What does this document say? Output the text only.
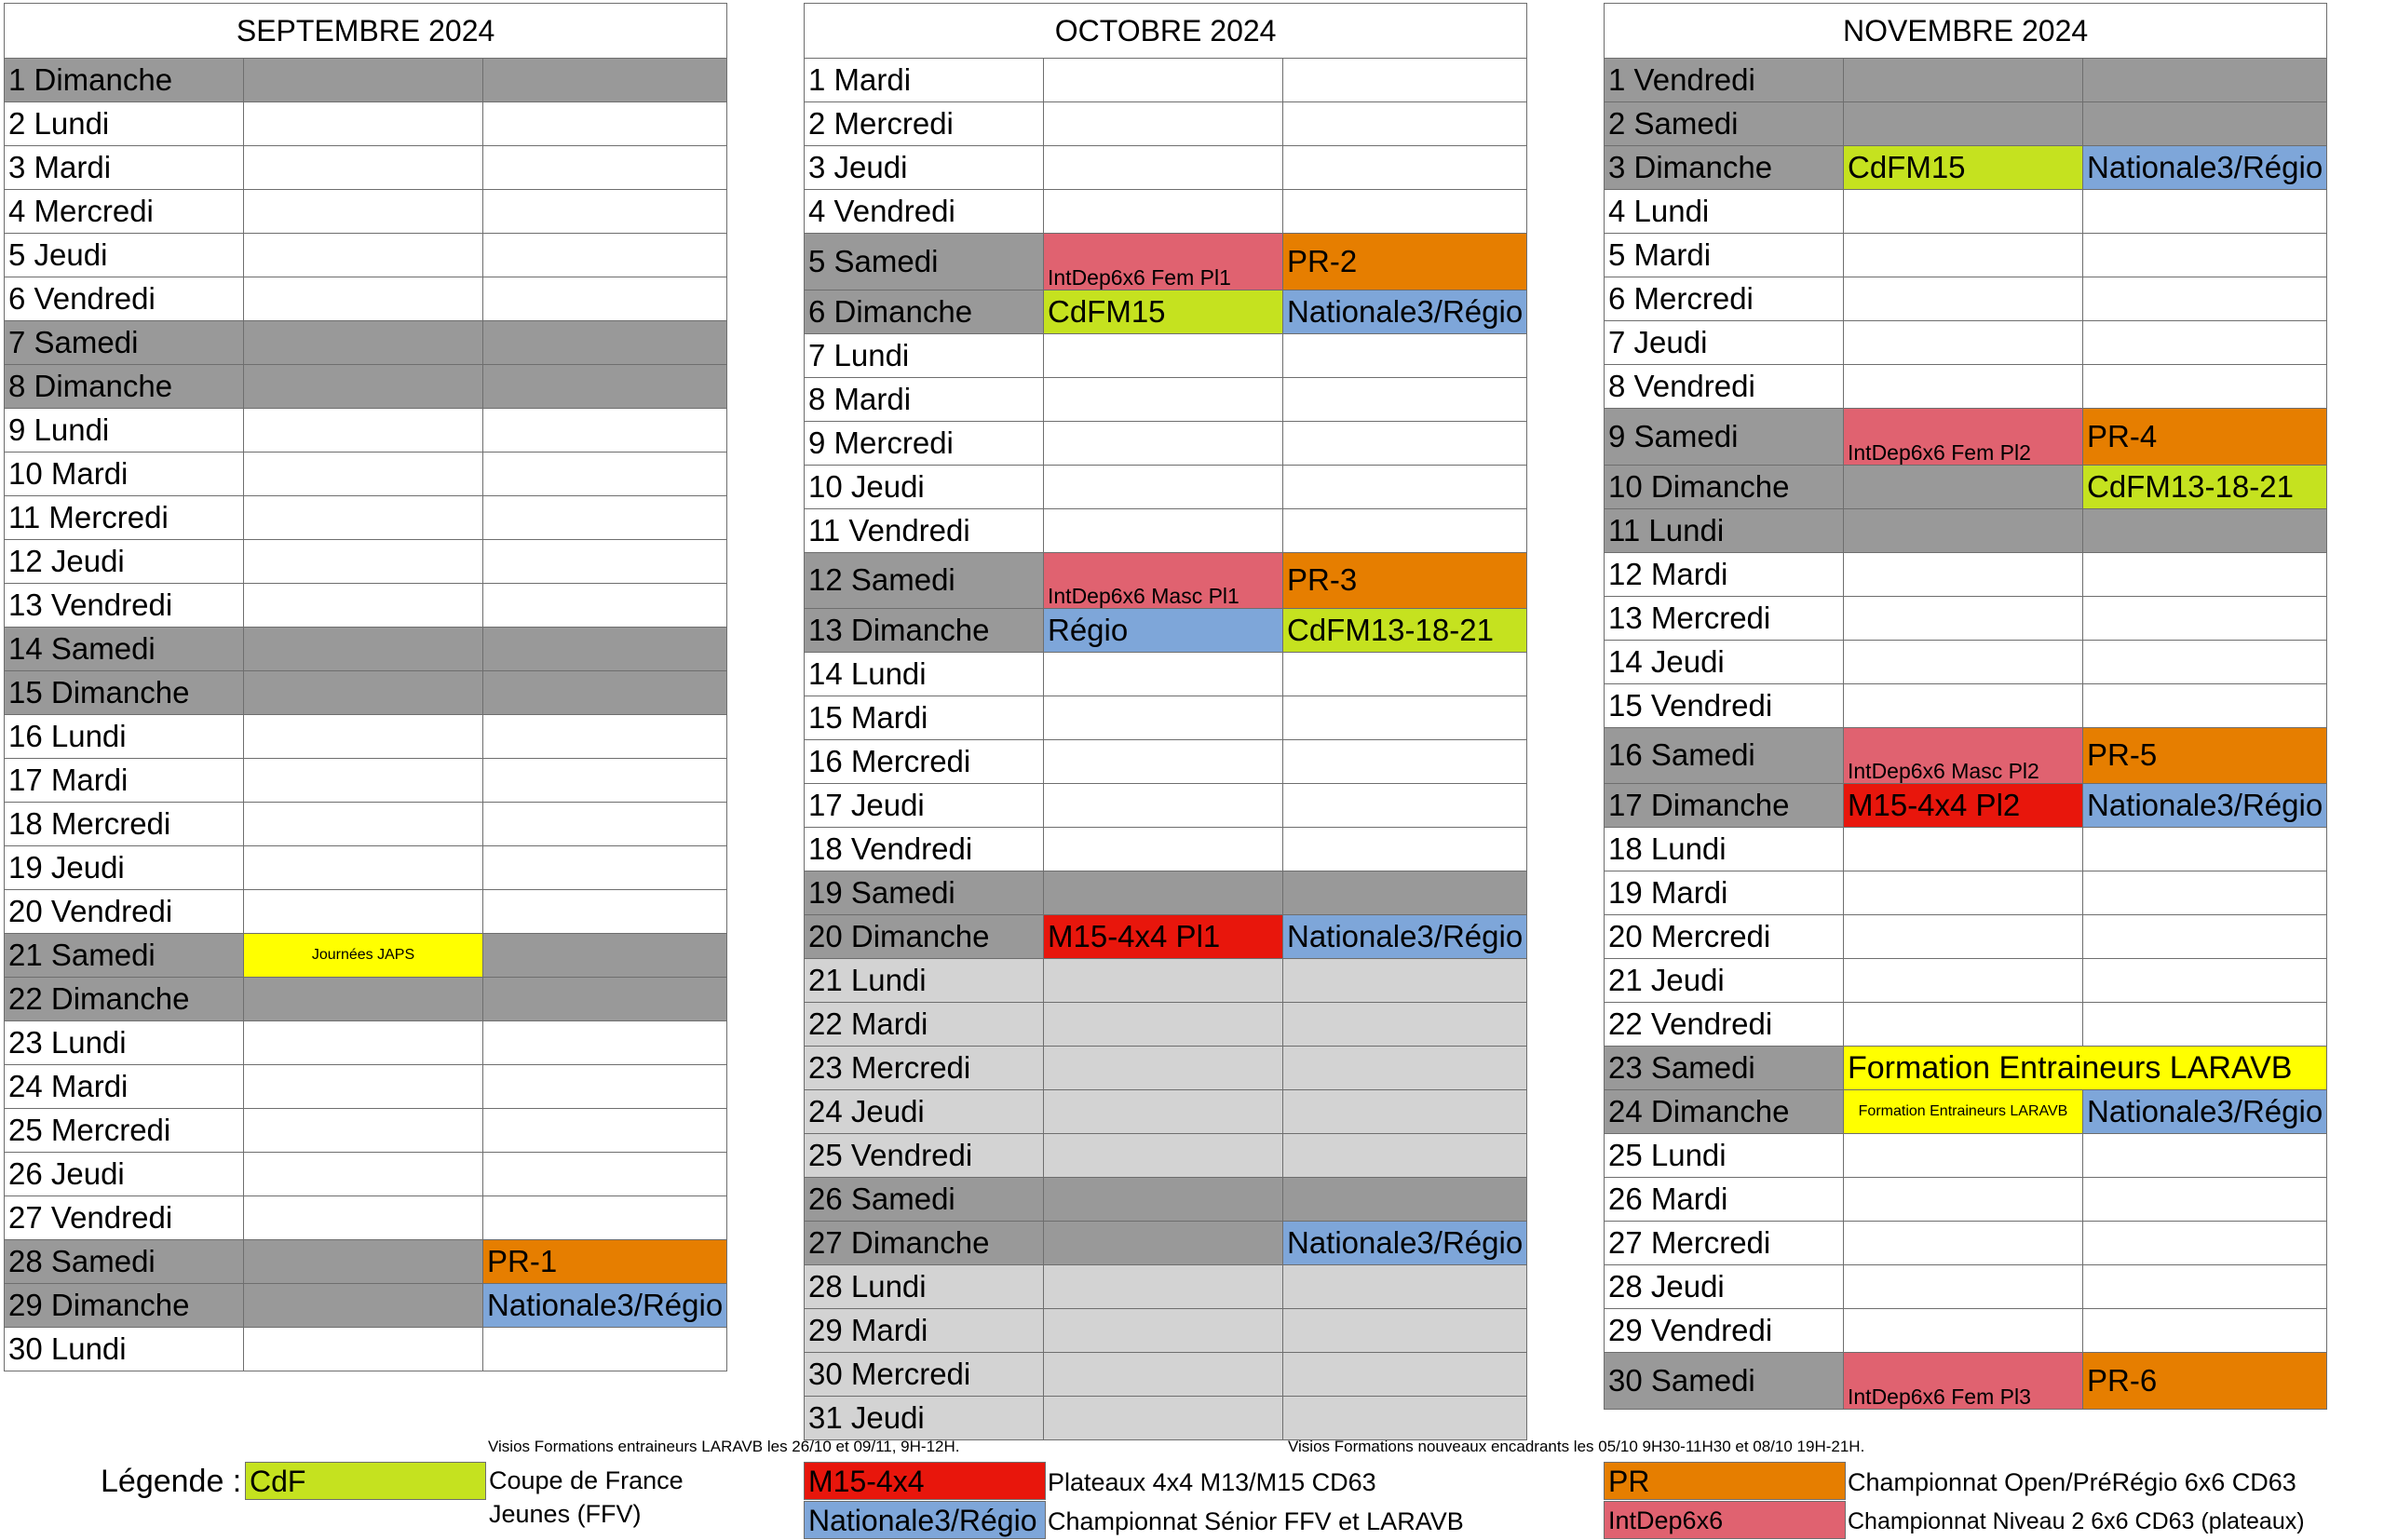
SEPTEMBRE 2024		
1 Dimanche		
2 Lundi		
3 Mardi		
4 Mercredi		
5 Jeudi		
6 Vendredi		
7 Samedi		
8 Dimanche		
9 Lundi		
10 Mardi		
11 Mercredi		
12 Jeudi		
13 Vendredi		
14 Samedi		
15 Dimanche		
16 Lundi		
17 Mardi		
18 Mercredi		
19 Jeudi		
20 Vendredi		
21 Samedi	Journées JAPS	
22 Dimanche		
23 Lundi		
24 Mardi		
25 Mercredi		
26 Jeudi		
27 Vendredi		
28 Samedi		PR-1
29 Dimanche		Nationale3/Régio
30 Lundi		
OCTOBRE 2024		
1 Mardi		
2 Mercredi		
3 Jeudi		
4 Vendredi		
5 Samedi	IntDep6x6 Fem Pl1	PR-2
6 Dimanche	CdFM15	Nationale3/Régio
7 Lundi		
8 Mardi		
9 Mercredi		
10 Jeudi		
11 Vendredi		
12 Samedi	IntDep6x6 Masc Pl1	PR-3
13 Dimanche	Régio	CdFM13-18-21
14 Lundi		
15 Mardi		
16 Mercredi		
17 Jeudi		
18 Vendredi		
19 Samedi		
20 Dimanche	M15-4x4 Pl1	Nationale3/Régio
21 Lundi		
22 Mardi		
23 Mercredi		
24 Jeudi		
25 Vendredi		
26 Samedi		
27 Dimanche		Nationale3/Régio
28 Lundi		
29 Mardi		
30 Mercredi		
31 Jeudi		
NOVEMBRE 2024		
1 Vendredi		
2 Samedi		
3 Dimanche	CdFM15	Nationale3/Régio
4 Lundi		
5 Mardi		
6 Mercredi		
7 Jeudi		
8 Vendredi		
9 Samedi	IntDep6x6 Fem Pl2	PR-4
10 Dimanche		CdFM13-18-21
11 Lundi		
12 Mardi		
13 Mercredi		
14 Jeudi		
15 Vendredi		
16 Samedi	IntDep6x6 Masc Pl2	PR-5
17 Dimanche	M15-4x4 Pl2	Nationale3/Régio
18 Lundi		
19 Mardi		
20 Mercredi		
21 Jeudi		
22 Vendredi		
23 Samedi	Formation Entraineurs LARAVB	
24 Dimanche	Formation Entraineurs LARAVB	Nationale3/Régio
25 Lundi		
26 Mardi		
27 Mercredi		
28 Jeudi		
29 Vendredi		
30 Samedi	IntDep6x6 Fem Pl3	PR-6
Visios Formations entraineurs LARAVB les 26/10 et 09/11, 9H-12H.	Visios Formations nouveaux encadrants les 05/10 9H30-11H30 et 08/10 19H-21H.
Légende : CdF	Coupe de France
Jeunes (FFV)
M15-4x4	Plateaux 4x4 M13/M15 CD63
Nationale3/Régio Championnat Sénior FFV et LARAVB
PR	Championnat Open/PréRégio 6x6 CD63
IntDep6x6	Championnat Niveau 2 6x6 CD63 (plateaux)
